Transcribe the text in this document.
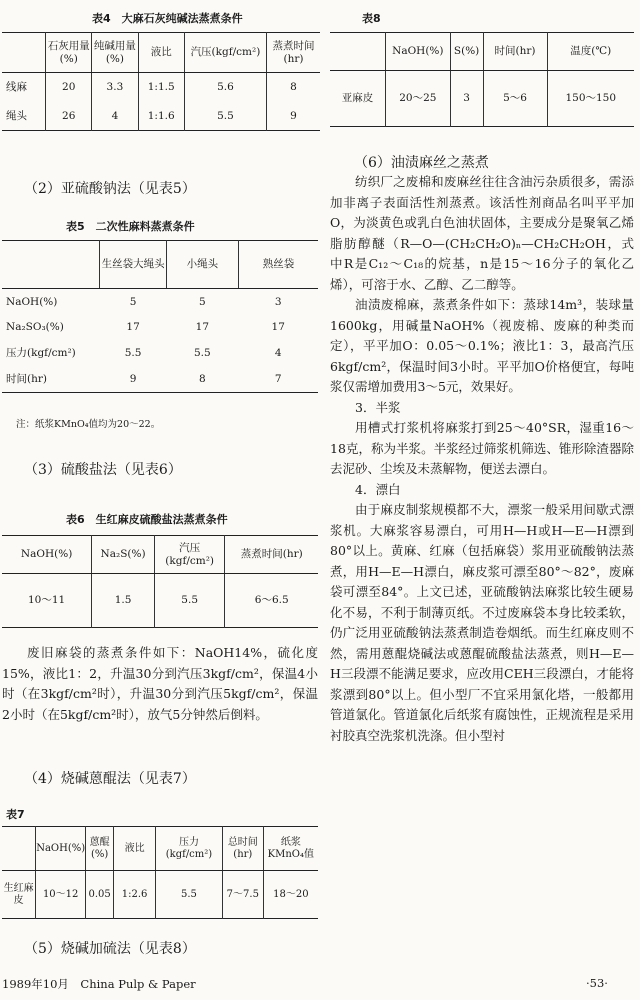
表4　大麻石灰纯碱法蒸煮条件
	石灰用量(%)	纯碱用量(%)	液比	汽压(kgf/cm²)	蒸煮时间(hr)
线麻	20	3.3	1:1.5	5.6	8
绳头	26	4	1:1.6	5.5	9
（2）亚硫酸钠法（见表5）
表5　二次性麻料蒸煮条件
	生丝袋大绳头	小绳头	熟丝袋
NaOH(%)	5	5	3
Na₂SO₃(%)	17	17	17
压力(kgf/cm²)	5.5	5.5	4
时间(hr)	9	8	7
注：纸浆KMnO₄值均为20～22。
（3）硫酸盐法（见表6）
表6　生红麻皮硫酸盐法蒸煮条件
NaOH(%)	Na₂S(%)	汽压(kgf/cm²)	蒸煮时间(hr)
10～11	1.5	5.5	6～6.5

废旧麻袋的蒸煮条件如下：NaOH14%，硫化度15%，液比1：2，升温30分到汽压3kgf/cm²，保温4小时（在3kgf/cm²时），升温30分到汽压5kgf/cm²，保温2小时（在5kgf/cm²时），放气5分钟然后倒料。

（4）烧碱蒽醌法（见表7）
表7
	NaOH(%)	蒽醌(%)	液比	压力(kgf/cm²)	总时间(hr)	纸浆KMnO₄值
生红麻皮	10～12	0.05	1:2.6	5.5	7～7.5	18～20
（5）烧碱加硫法（见表8）
1989年10月　China Pulp & Paper
表8
	NaOH(%)	S(%)	时间(hr)	温度(℃)
亚麻皮	20～25	3	5～6	150～150
（6）油渍麻丝之蒸煮

纺织厂之废棉和废麻丝往往含油污杂质很多，需添加非离子表面活性剂蒸煮。该活性剂商品名叫平平加O，为淡黄色或乳白色油状固体，主要成分是聚氧乙烯脂肪醇醚（R—O—(CH₂CH₂O)ₙ—CH₂CH₂OH，式中R是C₁₂～C₁₈的烷基，n是15～16分子的氧化乙烯），可溶于水、乙醇、乙二醇等。

油渍废棉麻，蒸煮条件如下：蒸球14m³，装球量1600kg，用碱量NaOH%（视废棉、废麻的种类而定），平平加O：0.05～0.1%；液比1：3，最高汽压6kgf/cm²，保温时间3小时。平平加O价格便宜，每吨浆仅需增加费用3～5元，效果好。

3．半浆

用槽式打浆机将麻浆打到25～40°SR，湿重16～18克，称为半浆。半浆经过筛浆机筛选、锥形除渣器除去泥砂、尘埃及未蒸解物，便送去漂白。

4．漂白

由于麻皮制浆规模都不大，漂浆一般采用间歇式漂浆机。大麻浆容易漂白，可用H—H或H—E—H漂到80°以上。黄麻、红麻（包括麻袋）浆用亚硫酸钠法蒸煮，用H—E—H漂白，麻皮浆可漂至80°～82°，废麻袋可漂至84°。上文已述，亚硫酸钠法麻浆比较生硬易化不易，不利于制薄页纸。不过废麻袋本身比较柔软，仍广泛用亚硫酸钠法蒸煮制造卷烟纸。而生红麻皮则不然，需用蒽醌烧碱法或蒽醌硫酸盐法蒸煮，则H—E—H三段漂不能满足要求，应改用CEH三段漂白，才能将浆漂到80°以上。但小型厂不宜采用氯化塔，一般都用管道氯化。管道氯化后纸浆有腐蚀性，正规流程是采用衬胶真空洗浆机洗涤。但小型衬

·53·
